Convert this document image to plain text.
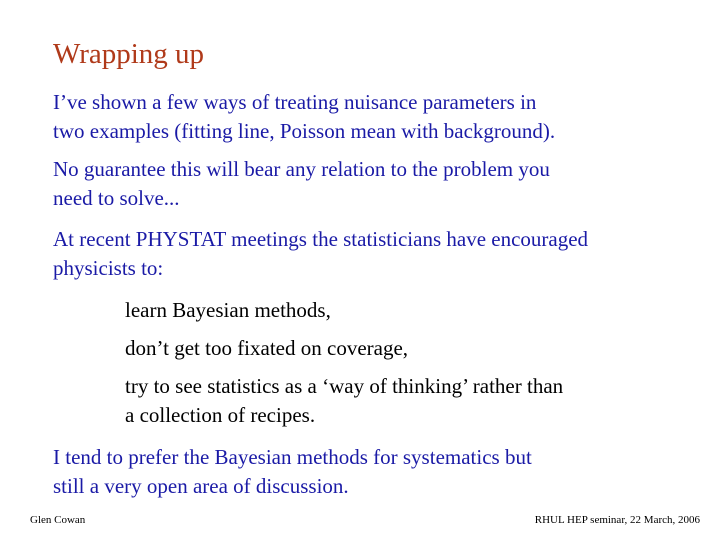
Wrapping up
I’ve shown a few ways of treating nuisance parameters in
two examples (fitting line, Poisson mean with background).
No guarantee this will bear any relation to the problem you
need to solve...
At recent PHYSTAT meetings the statisticians have encouraged
physicists to:
learn Bayesian methods,
don’t get too fixated on coverage,
try to see statistics as a ‘way of thinking’ rather than
a collection of recipes.
I tend to prefer the Bayesian methods for systematics but
still a very open area of discussion.
Glen Cowan	RHUL HEP seminar, 22 March, 2006
